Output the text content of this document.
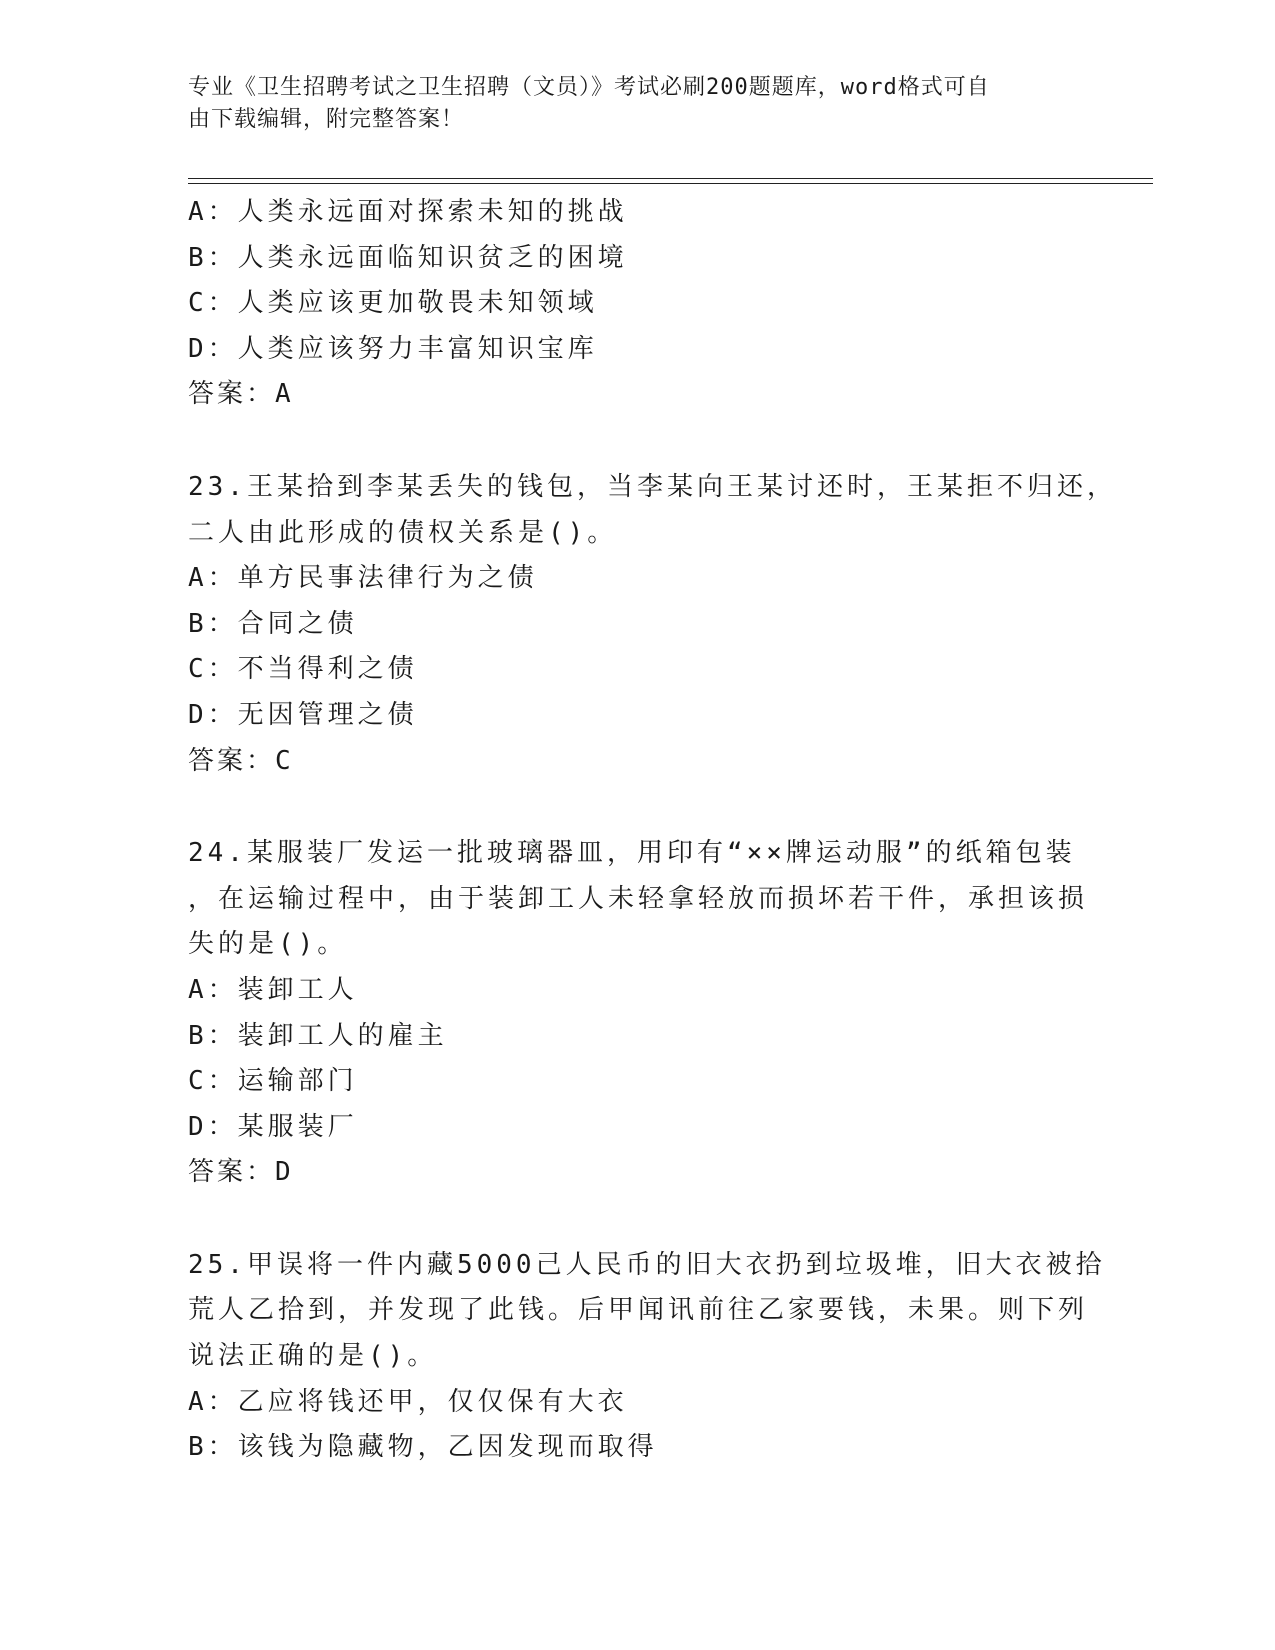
专业《卫生招聘考试之卫生招聘（文员）》考试必刷200题题库，word格式可自
由下载编辑，附完整答案！
A：人类永远面对探索未知的挑战
B：人类永远面临知识贫乏的困境
C：人类应该更加敬畏未知领域
D：人类应该努力丰富知识宝库
答案：A
23.王某拾到李某丢失的钱包，当李某向王某讨还时，王某拒不归还，
二人由此形成的债权关系是()。
A：单方民事法律行为之债
B：合同之债
C：不当得利之债
D：无因管理之债
答案：C
24.某服装厂发运一批玻璃器皿，用印有“××牌运动服”的纸箱包装
，在运输过程中，由于装卸工人未轻拿轻放而损坏若干件，承担该损
失的是()。
A：装卸工人
B：装卸工人的雇主
C：运输部门
D：某服装厂
答案：D
25.甲误将一件内藏5000己人民币的旧大衣扔到垃圾堆，旧大衣被拾
荒人乙拾到，并发现了此钱。后甲闻讯前往乙家要钱，未果。则下列
说法正确的是()。
A：乙应将钱还甲，仅仅保有大衣
B：该钱为隐藏物，乙因发现而取得
